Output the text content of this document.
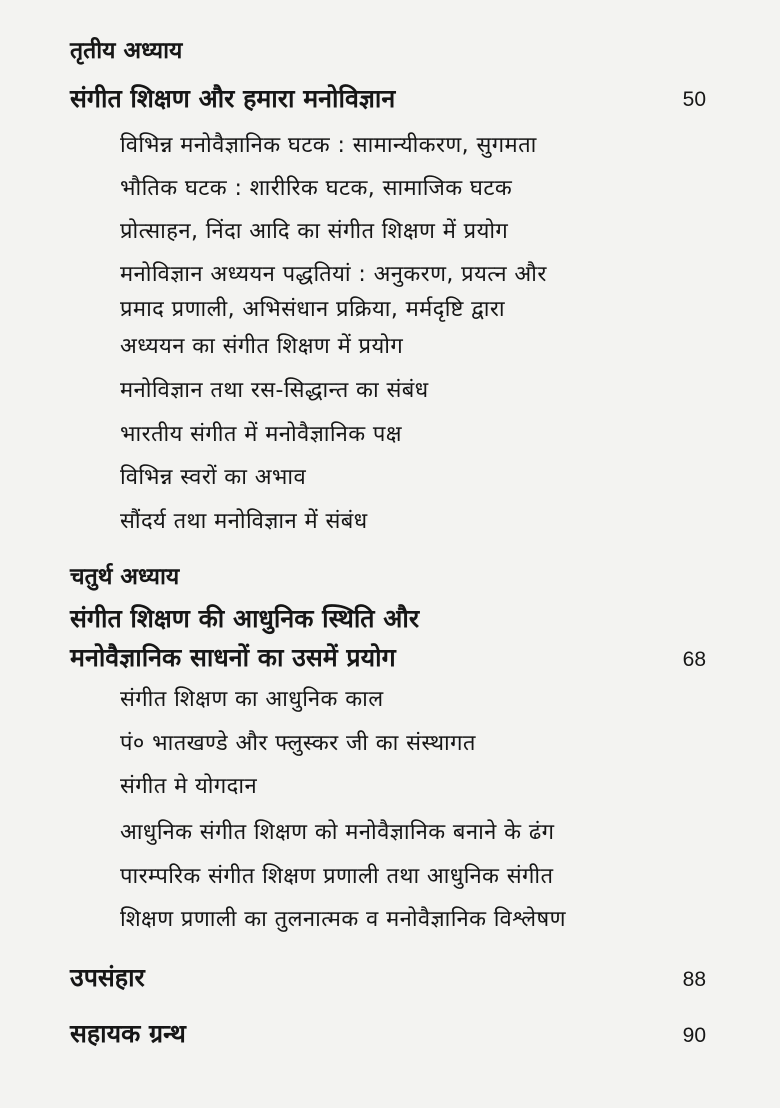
तृतीय अध्याय
संगीत शिक्षण और हमारा मनोविज्ञान	50
विभिन्न मनोवैज्ञानिक घटक : सामान्यीकरण, सुगमता
भौतिक घटक : शारीरिक घटक, सामाजिक घटक
प्रोत्साहन, निंदा आदि का संगीत शिक्षण में प्रयोग
मनोविज्ञान अध्ययन पद्धतियां : अनुकरण, प्रयत्न और
प्रमाद प्रणाली, अभिसंधान प्रक्रिया, मर्मदृष्टि द्वारा
अध्ययन का संगीत शिक्षण में प्रयोग
मनोविज्ञान तथा रस-सिद्धान्त का संबंध
भारतीय संगीत में मनोवैज्ञानिक पक्ष
विभिन्न स्वरों का अभाव
सौंदर्य तथा मनोविज्ञान में संबंध
चतुर्थ अध्याय
संगीत शिक्षण की आधुनिक स्थिति और
मनोवैज्ञानिक साधनों का उसमें प्रयोग	68
संगीत शिक्षण का आधुनिक काल
पं० भातखण्डे और फ्लुस्कर जी का संस्थागत
संगीत मे योगदान
आधुनिक संगीत शिक्षण को मनोवैज्ञानिक बनाने के ढंग
पारम्परिक संगीत शिक्षण प्रणाली तथा आधुनिक संगीत
शिक्षण प्रणाली का तुलनात्मक व मनोवैज्ञानिक विश्लेषण
उपसंहार	88
सहायक ग्रन्थ	90
